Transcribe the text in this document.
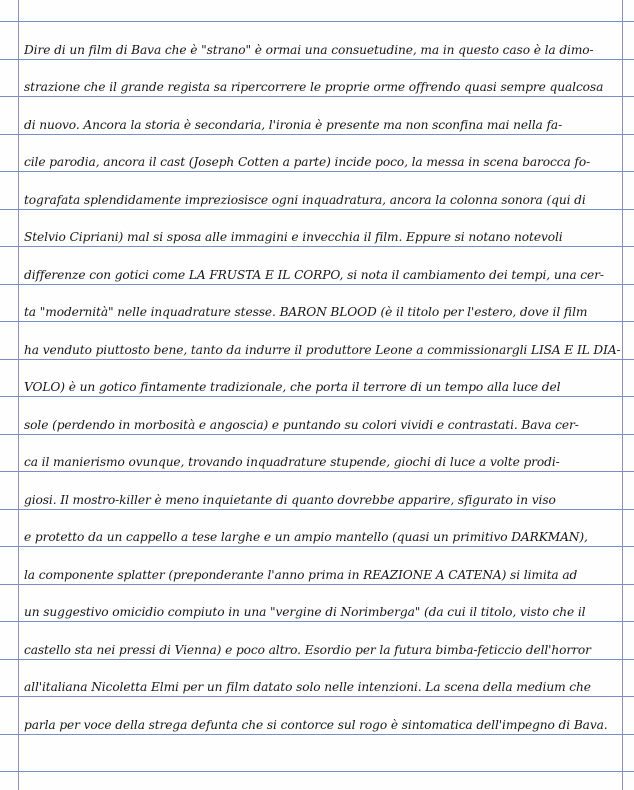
Dire di un film di Bava che è "strano" è ormai una consuetudine, ma in questo caso è la dimo-
strazione che il grande regista sa ripercorrere le proprie orme offrendo quasi sempre qualcosa
di nuovo. Ancora la storia è secondaria, l'ironia è presente ma non sconfina mai nella fa-
cile parodia, ancora il cast (Joseph Cotten a parte) incide poco, la messa in scena barocca fo-
tografata splendidamente impreziosisce ogni inquadratura, ancora la colonna sonora (qui di
Stelvio Cipriani) mal si sposa alle immagini e invecchia il film. Eppure si notano notevoli
differenze con gotici come LA FRUSTA E IL CORPO, si nota il cambiamento dei tempi, una cer-
ta "modernità" nelle inquadrature stesse. BARON BLOOD (è il titolo per l'estero, dove il film
ha venduto piuttosto bene, tanto da indurre il produttore Leone a commissionargli LISA E IL DIA-
VOLO) è un gotico fintamente tradizionale, che porta il terrore di un tempo alla luce del
sole (perdendo in morbosità e angoscia) e puntando su colori vividi e contrastati. Bava cer-
ca il manierismo ovunque, trovando inquadrature stupende, giochi di luce a volte prodi-
giosi. Il mostro-killer è meno inquietante di quanto dovrebbe apparire, sfigurato in viso
e protetto da un cappello a tese larghe e un ampio mantello (quasi un primitivo DARKMAN),
la componente splatter (preponderante l'anno prima in REAZIONE A CATENA) si limita ad
un suggestivo omicidio compiuto in una "vergine di Norimberga" (da cui il titolo, visto che il
castello sta nei pressi di Vienna) e poco altro. Esordio per la futura bimba-feticcio dell'horror
all'italiana Nicoletta Elmi per un film datato solo nelle intenzioni. La scena della medium che
parla per voce della strega defunta che si contorce sul rogo è sintomatica dell'impegno di Bava.
